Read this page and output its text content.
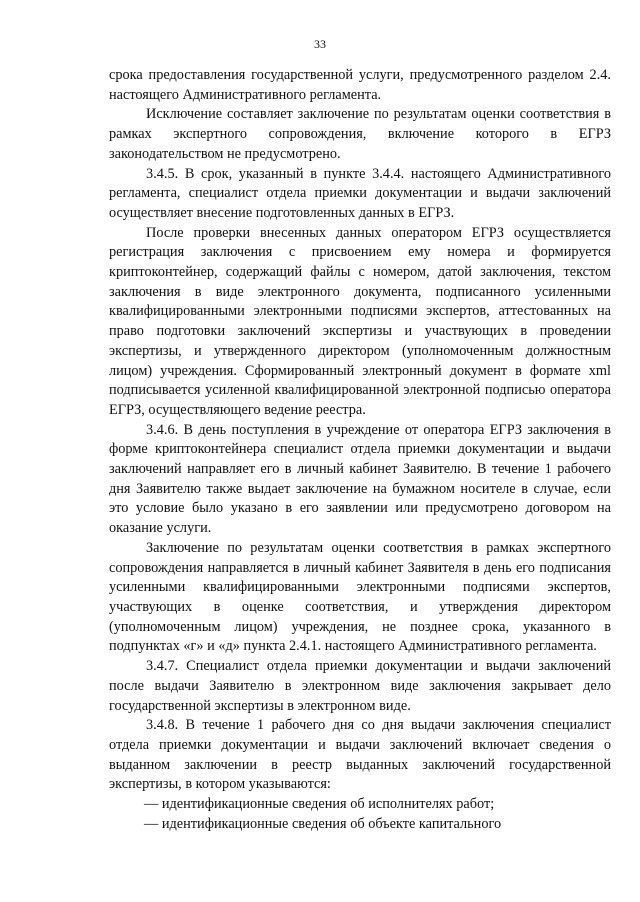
33

срока предоставления государственной услуги, предусмотренного разделом 2.4. настоящего Административного регламента.

Исключение составляет заключение по результатам оценки соответствия в рамках экспертного сопровождения, включение которого в ЕГРЗ законодательством не предусмотрено.

3.4.5. В срок, указанный в пункте 3.4.4. настоящего Административного регламента, специалист отдела приемки документации и выдачи заключений осуществляет внесение подготовленных данных в ЕГРЗ.

После проверки внесенных данных оператором ЕГРЗ осуществляется регистрация заключения с присвоением ему номера и формируется криптоконтейнер, содержащий файлы с номером, датой заключения, текстом заключения в виде электронного документа, подписанного усиленными квалифицированными электронными подписями экспертов, аттестованных на право подготовки заключений экспертизы и участвующих в проведении экспертизы, и утвержденного директором (уполномоченным должностным лицом) учреждения. Сформированный электронный документ в формате xml подписывается усиленной квалифицированной электронной подписью оператора ЕГРЗ, осуществляющего ведение реестра.

3.4.6. В день поступления в учреждение от оператора ЕГРЗ заключения в форме криптоконтейнера специалист отдела приемки документации и выдачи заключений направляет его в личный кабинет Заявителю. В течение 1 рабочего дня Заявителю также выдает заключение на бумажном носителе в случае, если это условие было указано в его заявлении или предусмотрено договором на оказание услуги.

Заключение по результатам оценки соответствия в рамках экспертного сопровождения направляется в личный кабинет Заявителя в день его подписания усиленными квалифицированными электронными подписями экспертов, участвующих в оценке соответствия, и утверждения директором (уполномоченным лицом) учреждения, не позднее срока, указанного в подпунктах «г» и «д» пункта 2.4.1. настоящего Административного регламента.

3.4.7. Специалист отдела приемки документации и выдачи заключений после выдачи Заявителю в электронном виде заключения закрывает дело государственной экспертизы в электронном виде.

3.4.8. В течение 1 рабочего дня со дня выдачи заключения специалист отдела приемки документации и выдачи заключений включает сведения о выданном заключении в реестр выданных заключений государственной экспертизы, в котором указываются:

— идентификационные сведения об исполнителях работ;

— идентификационные сведения об объекте капитального
